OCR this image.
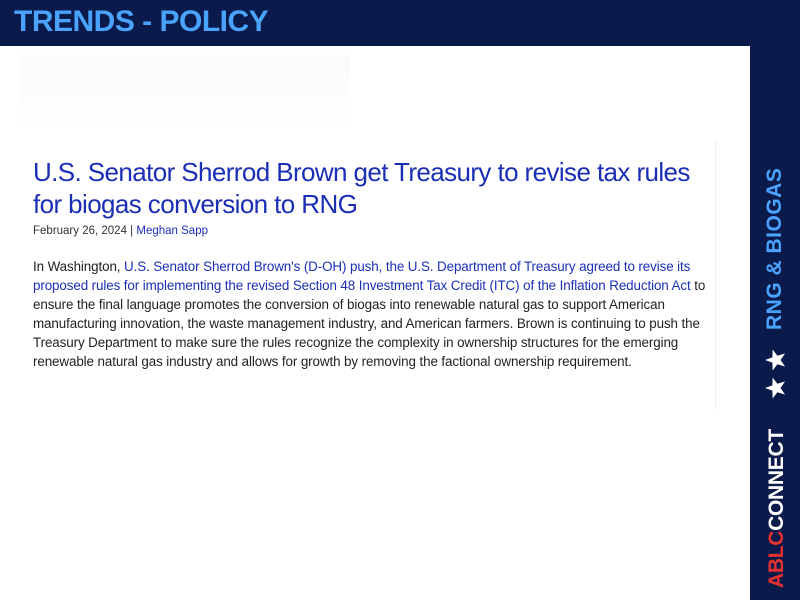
TRENDS - POLICY
U.S. Senator Sherrod Brown get Treasury to revise tax rules for biogas conversion to RNG
February 26, 2024 | Meghan Sapp
In Washington, U.S. Senator Sherrod Brown's (D-OH) push, the U.S. Department of Treasury agreed to revise its proposed rules for implementing the revised Section 48 Investment Tax Credit (ITC) of the Inflation Reduction Act to ensure the final language promotes the conversion of biogas into renewable natural gas to support American manufacturing innovation, the waste management industry, and American farmers. Brown is continuing to push the Treasury Department to make sure the rules recognize the complexity in ownership structures for the emerging renewable natural gas industry and allows for growth by removing the factional ownership requirement.
RNG & BIOGAS
ABLCCONNECT
